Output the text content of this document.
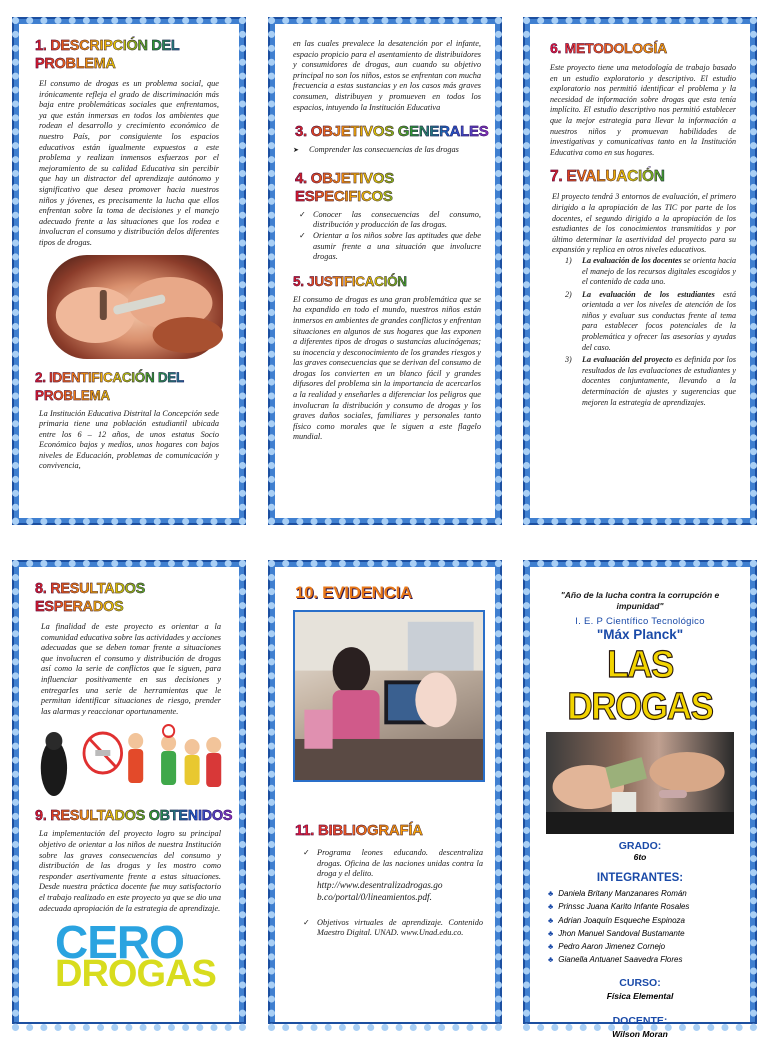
1. DESCRIPCIÓN DEL PROBLEMA
El consumo de drogas es un problema social, que irónicamente refleja el grado de discriminación más baja entre problemáticas sociales que enfrentamos, ya que están inmersas en todos los ambientes que rodean el desarrollo y crecimiento económico de nuestro País, por consiguiente los espacios educativos están igualmente expuestos a este problema y realizan inmensos esfuerzos por el mejoramiento de su calidad Educativa sin percibir que hay un distractor del aprendizaje autónomo y significativo que desea promover hacia nuestros niños y jóvenes, es precisamente la lucha que ellos enfrentan sobre la toma de decisiones y el manejo adecuado frente a las situaciones que los rodea e involucran el consumo y distribución delos diferentes tipos de drogas.
2. IDENTIFICACIÓN DEL PROBLEMA
La Institución Educativa Distrital la Concepción sede primaria tiene una población estudiantil ubicada entre los 6 – 12 años, de unos estatus Socio Económico bajos y medios, unos hogares con bajos niveles de Educación, problemas de comunicación y convivencia,
en las cuales prevalece la desatención por el infante, espacio propicio para el asentamiento de distribuidores y consumidores de drogas, aun cuando su objetivo principal no son los niños, estos se enfrentan con mucha frecuencia a estas sustancias y en los casos más graves consumen, distribuyen y promueven en todos los espacios, intuyendo la Institución Educativa
3. OBJETIVOS GENERALES
➤ Comprender las consecuencias de las drogas
4. OBJETIVOS ESPECIFICOS
✓ Conocer las consecuencias del consumo, distribución y producción de las drogas.
✓ Orientar a los niños sobre las aptitudes que debe asumir frente a una situación que involucre drogas.
5. JUSTIFICACIÓN
El consumo de drogas es una gran problemática que se ha expandido en todo el mundo, nuestros niños están inmersos en ambientes de grandes conflictos y enfrentan situaciones en algunos de sus hogares que las exponen a diferentes tipos de drogas o sustancias alucinógenas; su inocencia y desconocimiento de los grandes riesgos y las graves consecuencias que se derivan del consumo de drogas los convierten en un blanco fácil y grandes difusores del problema sin la importancia de acercarlos a la realidad y enseñarles a diferenciar los peligros que involucran la distribución y consumo de drogas y los graves daños sociales, familiares y personales tanto físico como morales que le siguen a este flagelo mundial.
6. METODOLOGÍA
Este proyecto tiene una metodología de trabajo basado en un estudio exploratorio y descriptivo. El estudio exploratorio nos permitió identificar el problema y la necesidad de información sobre drogas que esta tenía implícito. El estudio descriptivo nos permitió establecer que la mejor estrategia para llevar la información a nuestros niños y promuevan habilidades de investigativas y comunicativas tanto en la Institución Educativa como en sus hogares.
7. EVALUACIÓN
El proyecto tendrá 3 entornos de evaluación, el primero dirigido a la apropiación de las TIC por parte de los docentes, el segundo dirigido a la apropiación de los estudiantes de los conocimientos transmitidos y por último determinar la asertividad del proyecto para su expansión y replica en otros niveles educativos.
1) La evaluación de los docentes se orienta hacia el manejo de los recursos digitales escogidos y el contenido de cada uno.
2) La evaluación de los estudiantes está orientada a ver los niveles de atención de los niños y evaluar sus conductas frente al tema para establecer focos potenciales de la problemática y ofrecer las asesorías y ayudas del caso.
3) La evaluación del proyecto es definida por los resultados de las evaluaciones de estudiantes y docentes conjuntamente, llevando a la determinación de ajustes y sugerencias que mejoren la estrategia de aprendizajes.
8. RESULTADOS ESPERADOS
La finalidad de este proyecto es orientar a la comunidad educativa sobre las actividades y acciones adecuadas que se deben tomar frente a situaciones que involucren el consumo y distribución de drogas así como la serie de conflictos que le siguen, para influenciar positivamente en sus decisiones y entregarles una serie de herramientas que le permitan identificar situaciones de riesgo, prender las alarmas y reaccionar oportunamente.
9. RESULTADOS OBTENIDOS
La implementación del proyecto logro su principal objetivo de orientar a los niños de nuestra Institución sobre las graves consecuencias del consumo y distribución de las drogas y les mostro como responder asertivamente frente a estas situaciones. Desde nuestra práctica docente fue muy satisfactorio el trabajo realizado en este proyecto ya que se dio una adecuada apropiación de la estrategia de aprendizaje.
CERO
DROGAS
10. EVIDENCIA
11. BIBLIOGRAFÍA
✓ Programa leones educando. descentraliza drogas. Oficina de las naciones unidas contra la droga y el delito.
http://www.desentralizadrogas.go b.co/portal/0/lineamientos.pdf.
✓ Objetivos virtuales de aprendizaje. Contenido Maestro Digital. UNAD. www.Unad.edu.co.
"Año de la lucha contra la corrupción e impunidad"
I. E. P Científico Tecnológico
"Máx Planck"
LAS DROGAS
GRADO:
6to
INTEGRANTES:
♣ Daniela Britany Manzanares Román
♣ Prinssc Juana Karito Infante Rosales
♣ Adrian Joaquín Esqueche Espinoza
♣ Jhon Manuel Sandoval Bustamante
♣ Pedro Aaron Jimenez Cornejo
♣ Gianella Antuanet Saavedra Flores
CURSO:
Física Elemental
DOCENTE:
Wilson Moran
